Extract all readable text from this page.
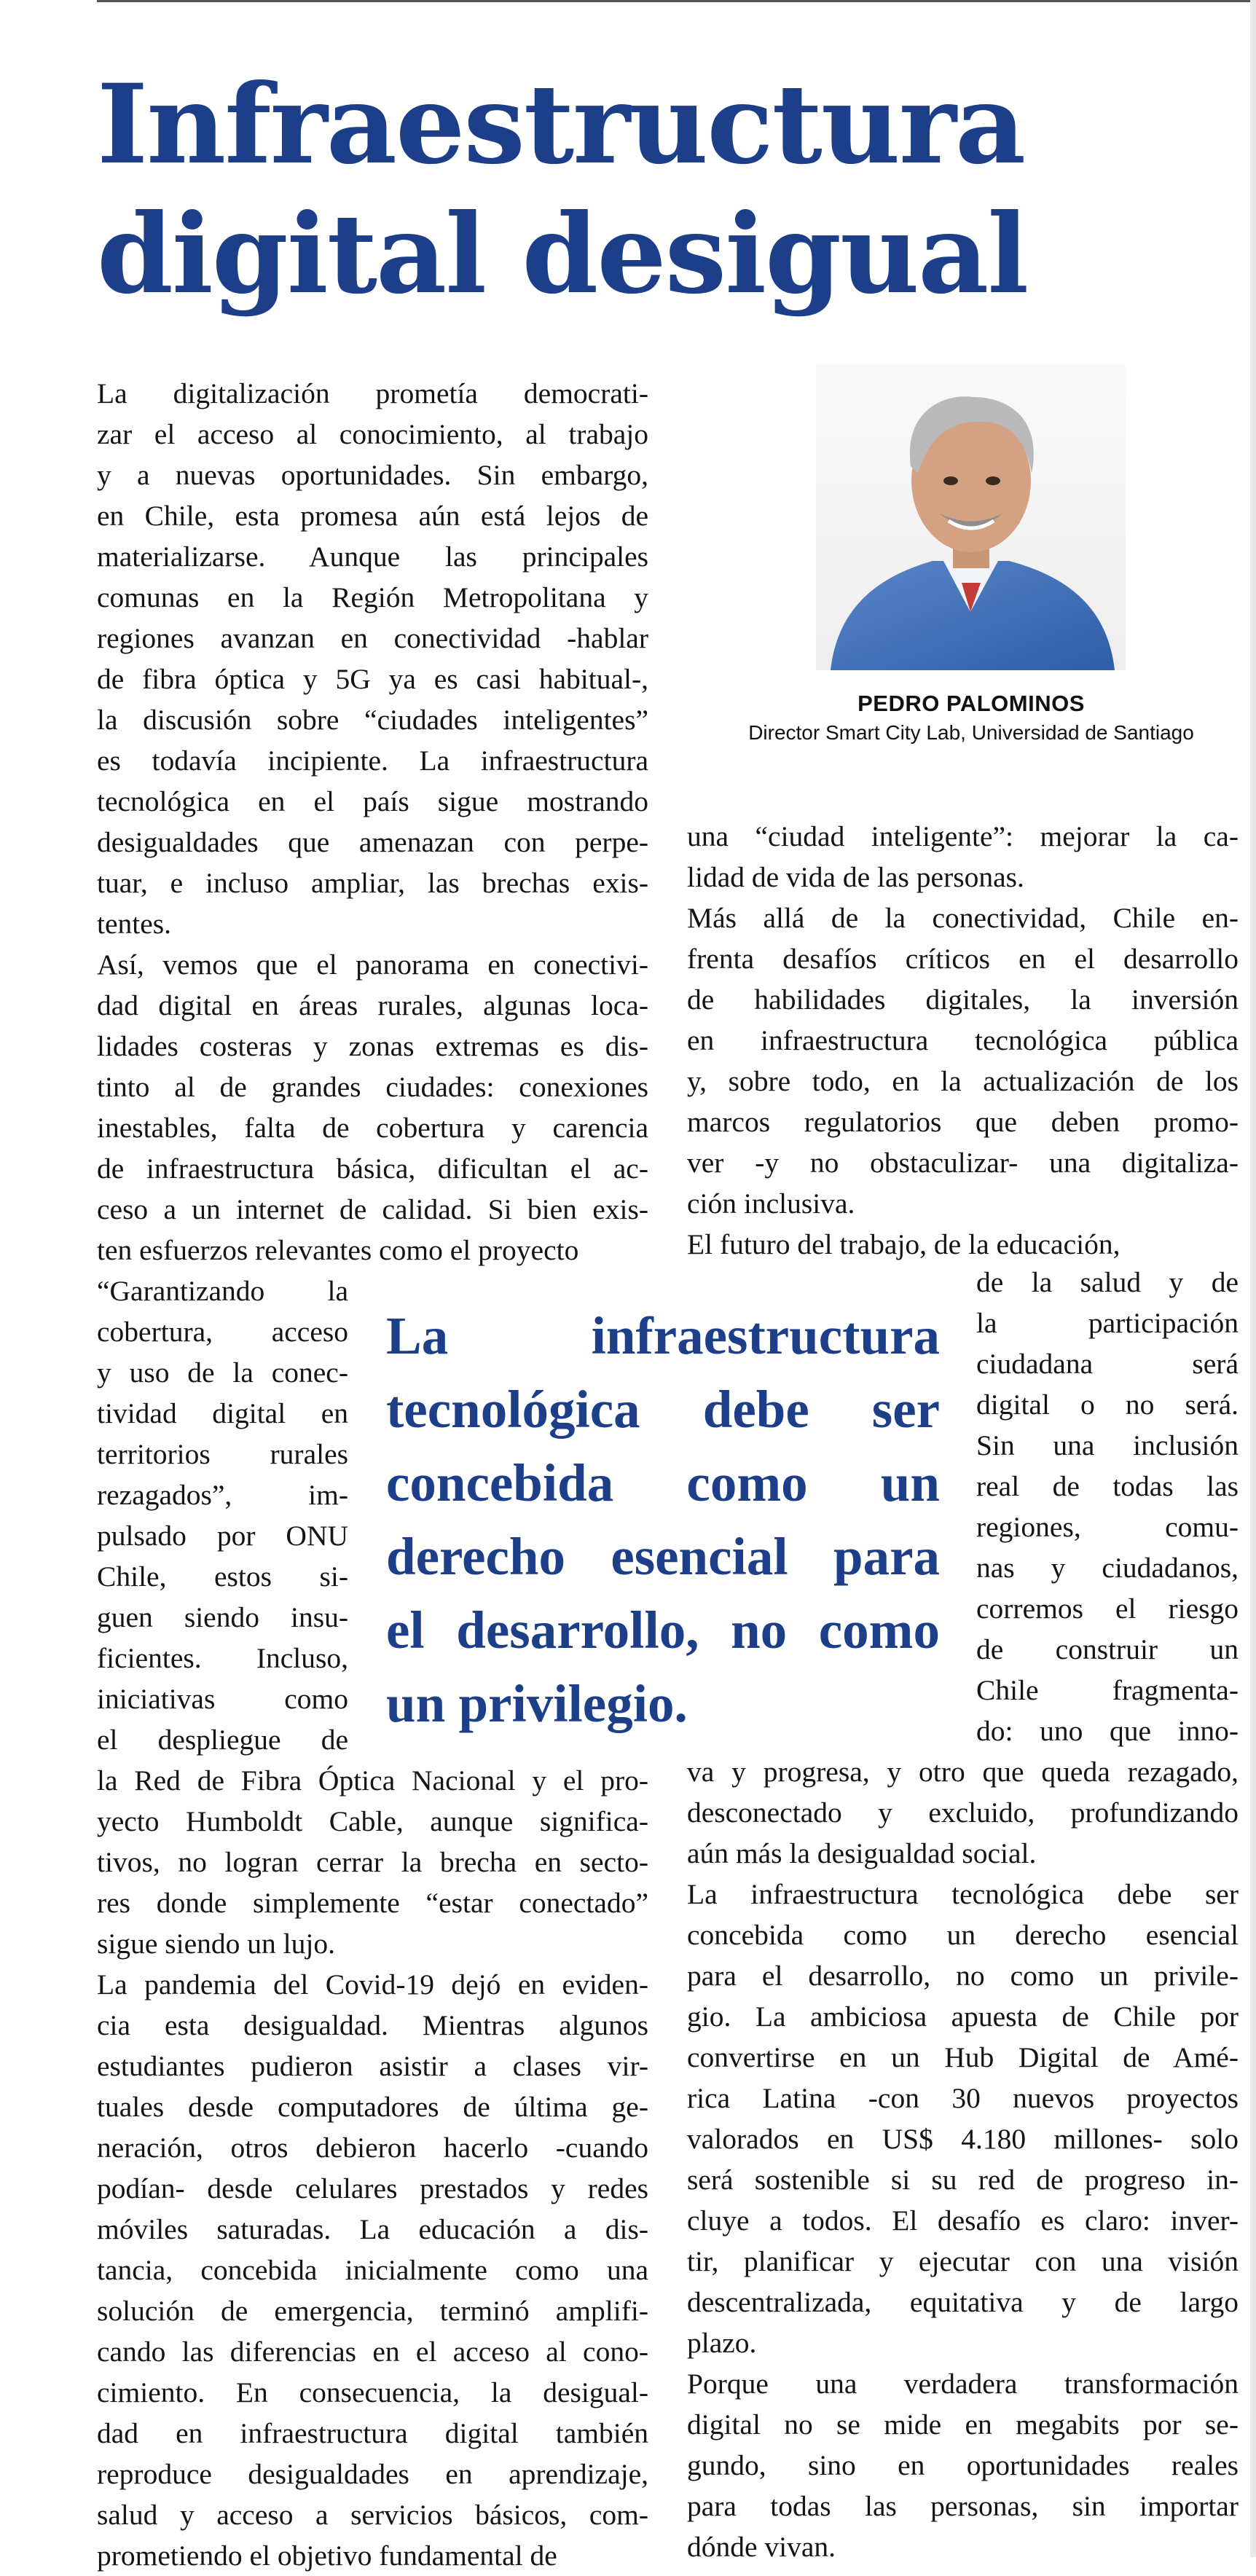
Infraestructura
digital desigual
PEDRO PALOMINOS
Director Smart City Lab, Universidad de Santiago

La digitalización prometía democrati-

zar el acceso al conocimiento, al trabajo

y a nuevas oportunidades. Sin embargo,

en Chile, esta promesa aún está lejos de

materializarse. Aunque las principales

comunas en la Región Metropolitana y

regiones avanzan en conectividad -hablar

de fibra óptica y 5G ya es casi habitual-,

la discusión sobre “ciudades inteligentes”

es todavía incipiente. La infraestructura

tecnológica en el país sigue mostrando

desigualdades que amenazan con perpe-

tuar, e incluso ampliar, las brechas exis-

tentes.

Así, vemos que el panorama en conectivi-

dad digital en áreas rurales, algunas loca-

lidades costeras y zonas extremas es dis-

tinto al de grandes ciudades: conexiones

inestables, falta de cobertura y carencia

de infraestructura básica, dificultan el ac-

ceso a un internet de calidad. Si bien exis-

ten esfuerzos relevantes como el proyecto

“Garantizando la

cobertura, acceso

y uso de la conec-

tividad digital en

territorios rurales

rezagados”, im-

pulsado por ONU

Chile, estos si-

guen siendo insu-

ficientes. Incluso,

iniciativas como

el despliegue de

la Red de Fibra Óptica Nacional y el pro-

yecto Humboldt Cable, aunque significa-

tivos, no logran cerrar la brecha en secto-

res donde simplemente “estar conectado”

sigue siendo un lujo.

La pandemia del Covid-19 dejó en eviden-

cia esta desigualdad. Mientras algunos

estudiantes pudieron asistir a clases vir-

tuales desde computadores de última ge-

neración, otros debieron hacerlo -cuando

podían- desde celulares prestados y redes

móviles saturadas. La educación a dis-

tancia, concebida inicialmente como una

solución de emergencia, terminó amplifi-

cando las diferencias en el acceso al cono-

cimiento. En consecuencia, la desigual-

dad en infraestructura digital también

reproduce desigualdades en aprendizaje,

salud y acceso a servicios básicos, com-

prometiendo el objetivo fundamental de

una “ciudad inteligente”: mejorar la ca-

lidad de vida de las personas.

Más allá de la conectividad, Chile en-

frenta desafíos críticos en el desarrollo

de habilidades digitales, la inversión

en infraestructura tecnológica pública

y, sobre todo, en la actualización de los

marcos regulatorios que deben promo-

ver -y no obstaculizar- una digitaliza-

ción inclusiva.

El futuro del trabajo, de la educación,

de la salud y de

la participación

ciudadana será

digital o no será.

Sin una inclusión

real de todas las

regiones, comu-

nas y ciudadanos,

corremos el riesgo

de construir un

Chile fragmenta-

do: uno que inno-

va y progresa, y otro que queda rezagado,

desconectado y excluido, profundizando

aún más la desigualdad social.

La infraestructura tecnológica debe ser

concebida como un derecho esencial

para el desarrollo, no como un privile-

gio. La ambiciosa apuesta de Chile por

convertirse en un Hub Digital de Amé-

rica Latina -con 30 nuevos proyectos

valorados en US$ 4.180 millones- solo

será sostenible si su red de progreso in-

cluye a todos. El desafío es claro: inver-

tir, planificar y ejecutar con una visión

descentralizada, equitativa y de largo

plazo.

Porque una verdadera transformación

digital no se mide en megabits por se-

gundo, sino en oportunidades reales

para todas las personas, sin importar

dónde vivan.

La infraestructura
tecnológica debe ser
concebida como un
derecho esencial para
el desarrollo, no como
un privilegio.
